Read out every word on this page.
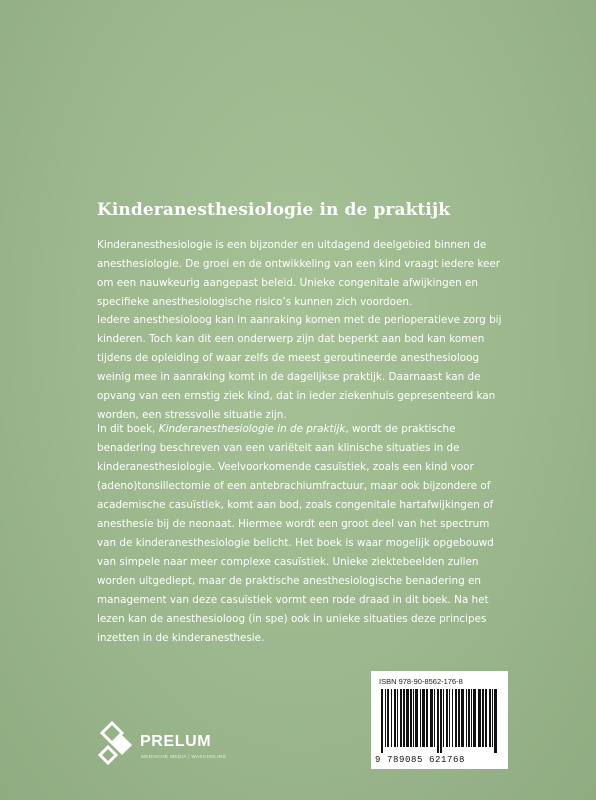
Kinderanesthesiologie in de praktijk
Kinderanesthesiologie is een bijzonder en uitdagend deelgebied binnen de
anesthesiologie. De groei en de ontwikkeling van een kind vraagt iedere keer
om een nauwkeurig aangepast beleid. Unieke congenitale afwijkingen en
specifieke anesthesiologische risico’s kunnen zich voordoen.
Iedere anesthesioloog kan in aanraking komen met de perioperatieve zorg bij
kinderen. Toch kan dit een onderwerp zijn dat beperkt aan bod kan komen
tijdens de opleiding of waar zelfs de meest geroutineerde anesthesioloog
weinig mee in aanraking komt in de dagelijkse praktijk. Daarnaast kan de
opvang van een ernstig ziek kind, dat in ieder ziekenhuis gepresenteerd kan
worden, een stressvolle situatie zijn.
In dit boek, Kinderanesthesiologie in de praktijk, wordt de praktische
benadering beschreven van een variëteit aan klinische situaties in de
kinderanesthesiologie. Veelvoorkomende casuïstiek, zoals een kind voor
(adeno)tonsillectomie of een antebrachiumfractuur, maar ook bijzondere of
academische casuïstiek, komt aan bod, zoals congenitale hartafwijkingen of
anesthesie bij de neonaat. Hiermee wordt een groot deel van het spectrum
van de kinderanesthesiologie belicht. Het boek is waar mogelijk opgebouwd
van simpele naar meer complexe casuïstiek. Unieke ziektebeelden zullen
worden uitgediept, maar de praktische anesthesiologische benadering en
management van deze casuïstiek vormt een rode draad in dit boek. Na het
lezen kan de anesthesioloog (in spe) ook in unieke situaties deze principes
inzetten in de kinderanesthesie.
ISBN 978-90-8562-176-8
9 789085 621768
PRELUM
MEDISCHE MEDIA | WASCHOLING
